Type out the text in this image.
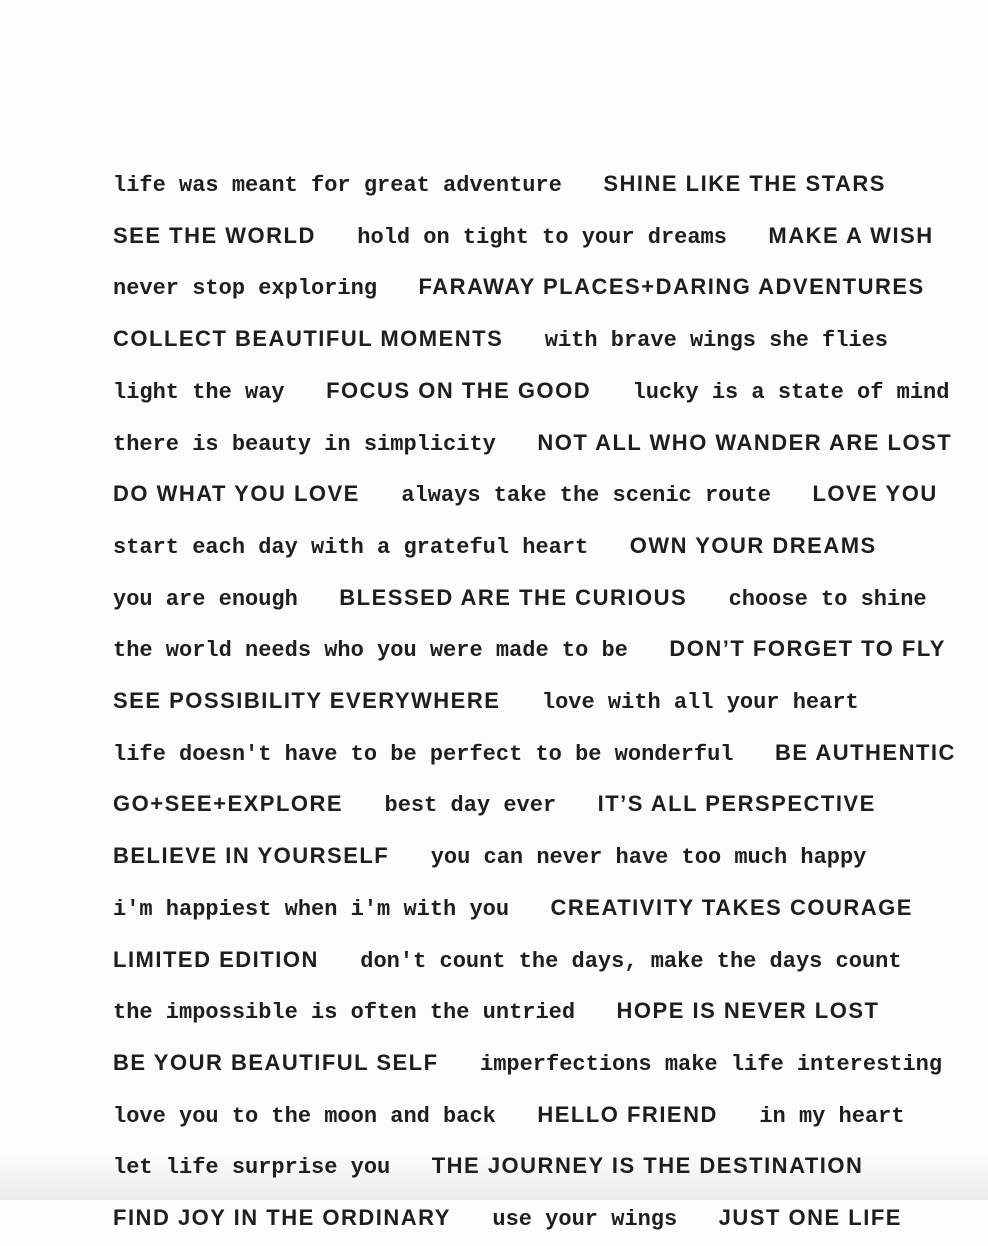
life was meant for great adventure SHINE LIKE THE STARS
SEE THE WORLD hold on tight to your dreams MAKE A WISH
never stop exploring FARAWAY PLACES+DARING ADVENTURES
COLLECT BEAUTIFUL MOMENTS with brave wings she flies
light the way FOCUS ON THE GOOD lucky is a state of mind
there is beauty in simplicity NOT ALL WHO WANDER ARE LOST
DO WHAT YOU LOVE always take the scenic route LOVE YOU
start each day with a grateful heart OWN YOUR DREAMS
you are enough BLESSED ARE THE CURIOUS choose to shine
the world needs who you were made to be DON’T FORGET TO FLY
SEE POSSIBILITY EVERYWHERE love with all your heart
life doesn't have to be perfect to be wonderful BE AUTHENTIC
GO+SEE+EXPLORE best day ever IT’S ALL PERSPECTIVE
BELIEVE IN YOURSELF you can never have too much happy
i'm happiest when i'm with you CREATIVITY TAKES COURAGE
LIMITED EDITION don't count the days, make the days count
the impossible is often the untried HOPE IS NEVER LOST
BE YOUR BEAUTIFUL SELF imperfections make life interesting
love you to the moon and back HELLO FRIEND in my heart
let life surprise you THE JOURNEY IS THE DESTINATION
FIND JOY IN THE ORDINARY use your wings JUST ONE LIFE
